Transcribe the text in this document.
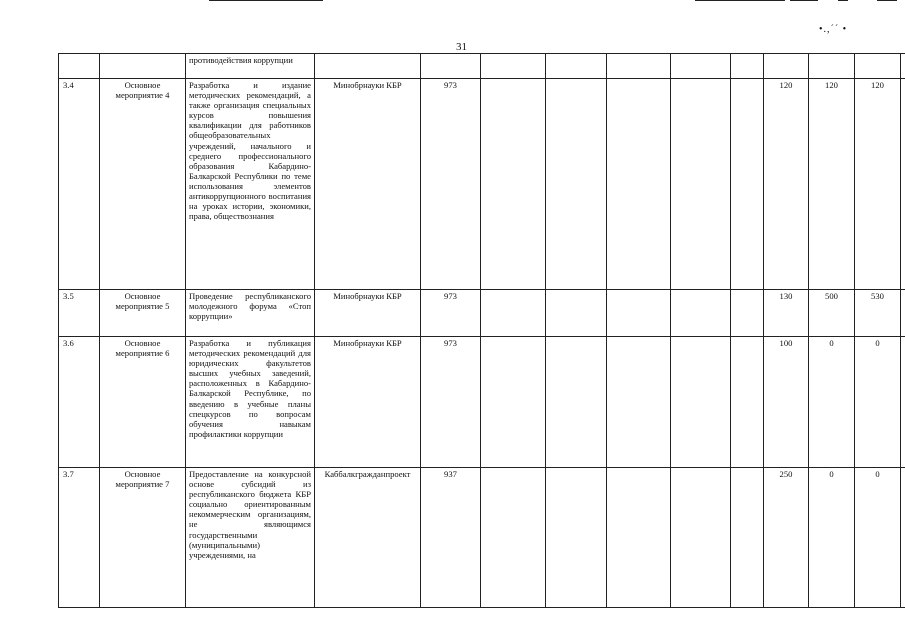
•.,´´ •
31
		противодействия коррупции											
3.4	Основное мероприятие 4	Разработка и издание методических рекомендаций, а также организация специальных курсов повышения квалификации для работников общеобразовательных учреждений, начального и среднего профессионального образования Кабардино-Балкарской Республики по теме использования элементов антикоррупционного воспитания на уроках истории, экономики, права, обществознания	Минобрнауки КБР	973						120	120	120	
3.5	Основное мероприятие 5	Проведение республиканского молодежного форума «Стоп коррупции»	Минобрнауки КБР	973						130	500	530	
3.6	Основное мероприятие 6	Разработка и публикация методических рекомендаций для юридических факультетов высших учебных заведений, расположенных в Кабардино-Балкарской Республике, по введению в учебные планы спецкурсов по вопросам обучения навыкам профилактики коррупции	Минобрнауки КБР	973						100	0	0	
3.7	Основное мероприятие 7	Предоставление на конкурсной основе субсидий из республиканского бюджета КБР социально ориентированным некоммерческим организациям, не являющимся государственными (муниципальными) учреждениями, на	Каббалкгражданпроект	937						250	0	0	
